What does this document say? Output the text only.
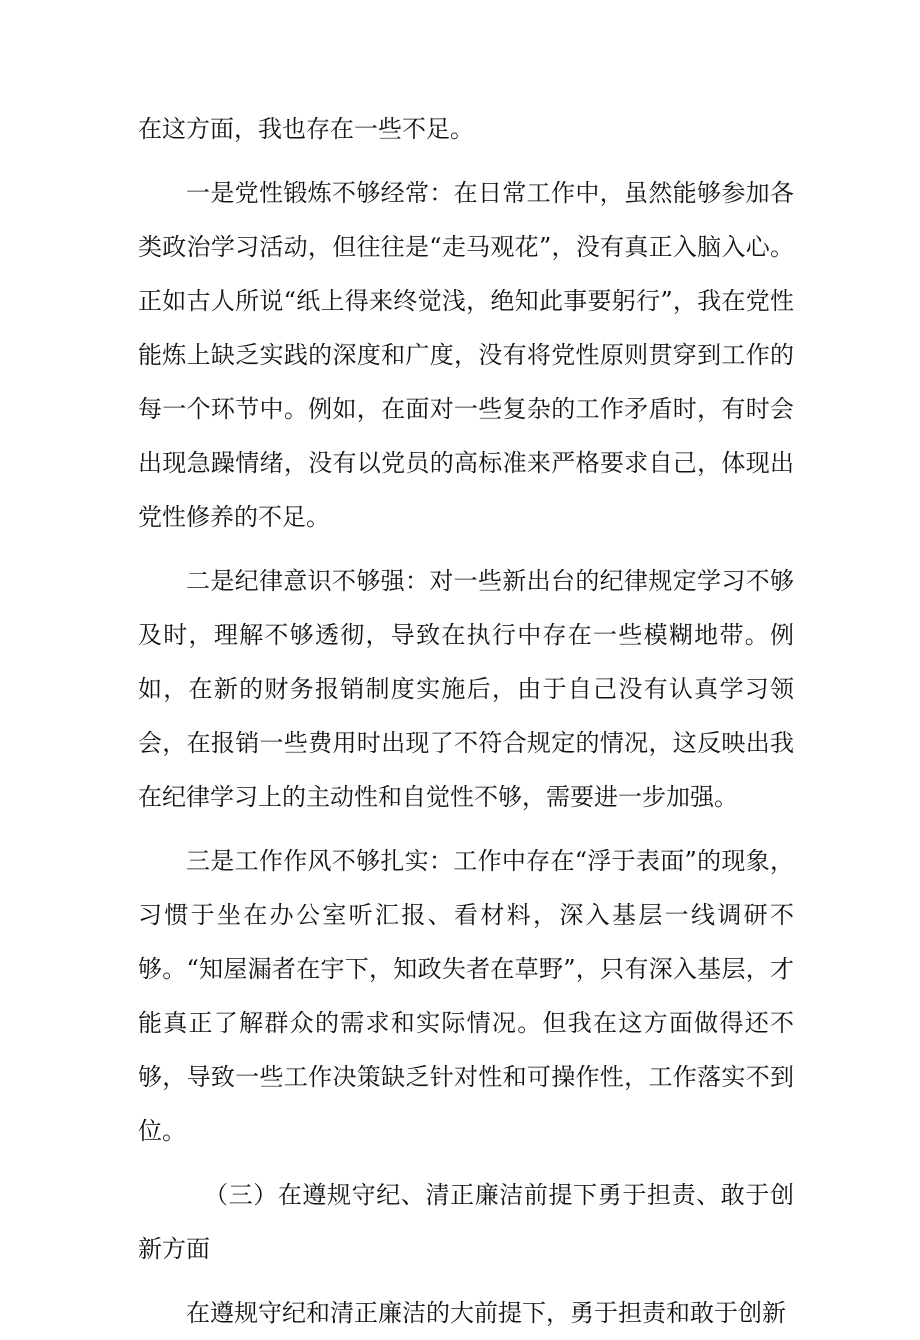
在这方面，我也存在一些不足。

一是党性锻炼不够经常：在日常工作中，虽然能够参加各类政治学习活动，但往往是“走马观花”，没有真正入脑入心。正如古人所说“纸上得来终觉浅，绝知此事要躬行”，我在党性能炼上缺乏实践的深度和广度，没有将党性原则贯穿到工作的每一个环节中。例如，在面对一些复杂的工作矛盾时，有时会出现急躁情绪，没有以党员的高标准来严格要求自己，体现出党性修养的不足。

二是纪律意识不够强：对一些新出台的纪律规定学习不够及时，理解不够透彻，导致在执行中存在一些模糊地带。例如，在新的财务报销制度实施后，由于自己没有认真学习领会，在报销一些费用时出现了不符合规定的情况，这反映出我在纪律学习上的主动性和自觉性不够，需要进一步加强。

三是工作作风不够扎实：工作中存在“浮于表面”的现象，习惯于坐在办公室听汇报、看材料，深入基层一线调研不够。“知屋漏者在宇下，知政失者在草野”，只有深入基层，才能真正了解群众的需求和实际情况。但我在这方面做得还不够，导致一些工作决策缺乏针对性和可操作性，工作落实不到位。

（三）在遵规守纪、清正廉洁前提下勇于担责、敢于创新方面

在遵规守纪和清正廉洁的大前提下，勇于担责和敢于创新
